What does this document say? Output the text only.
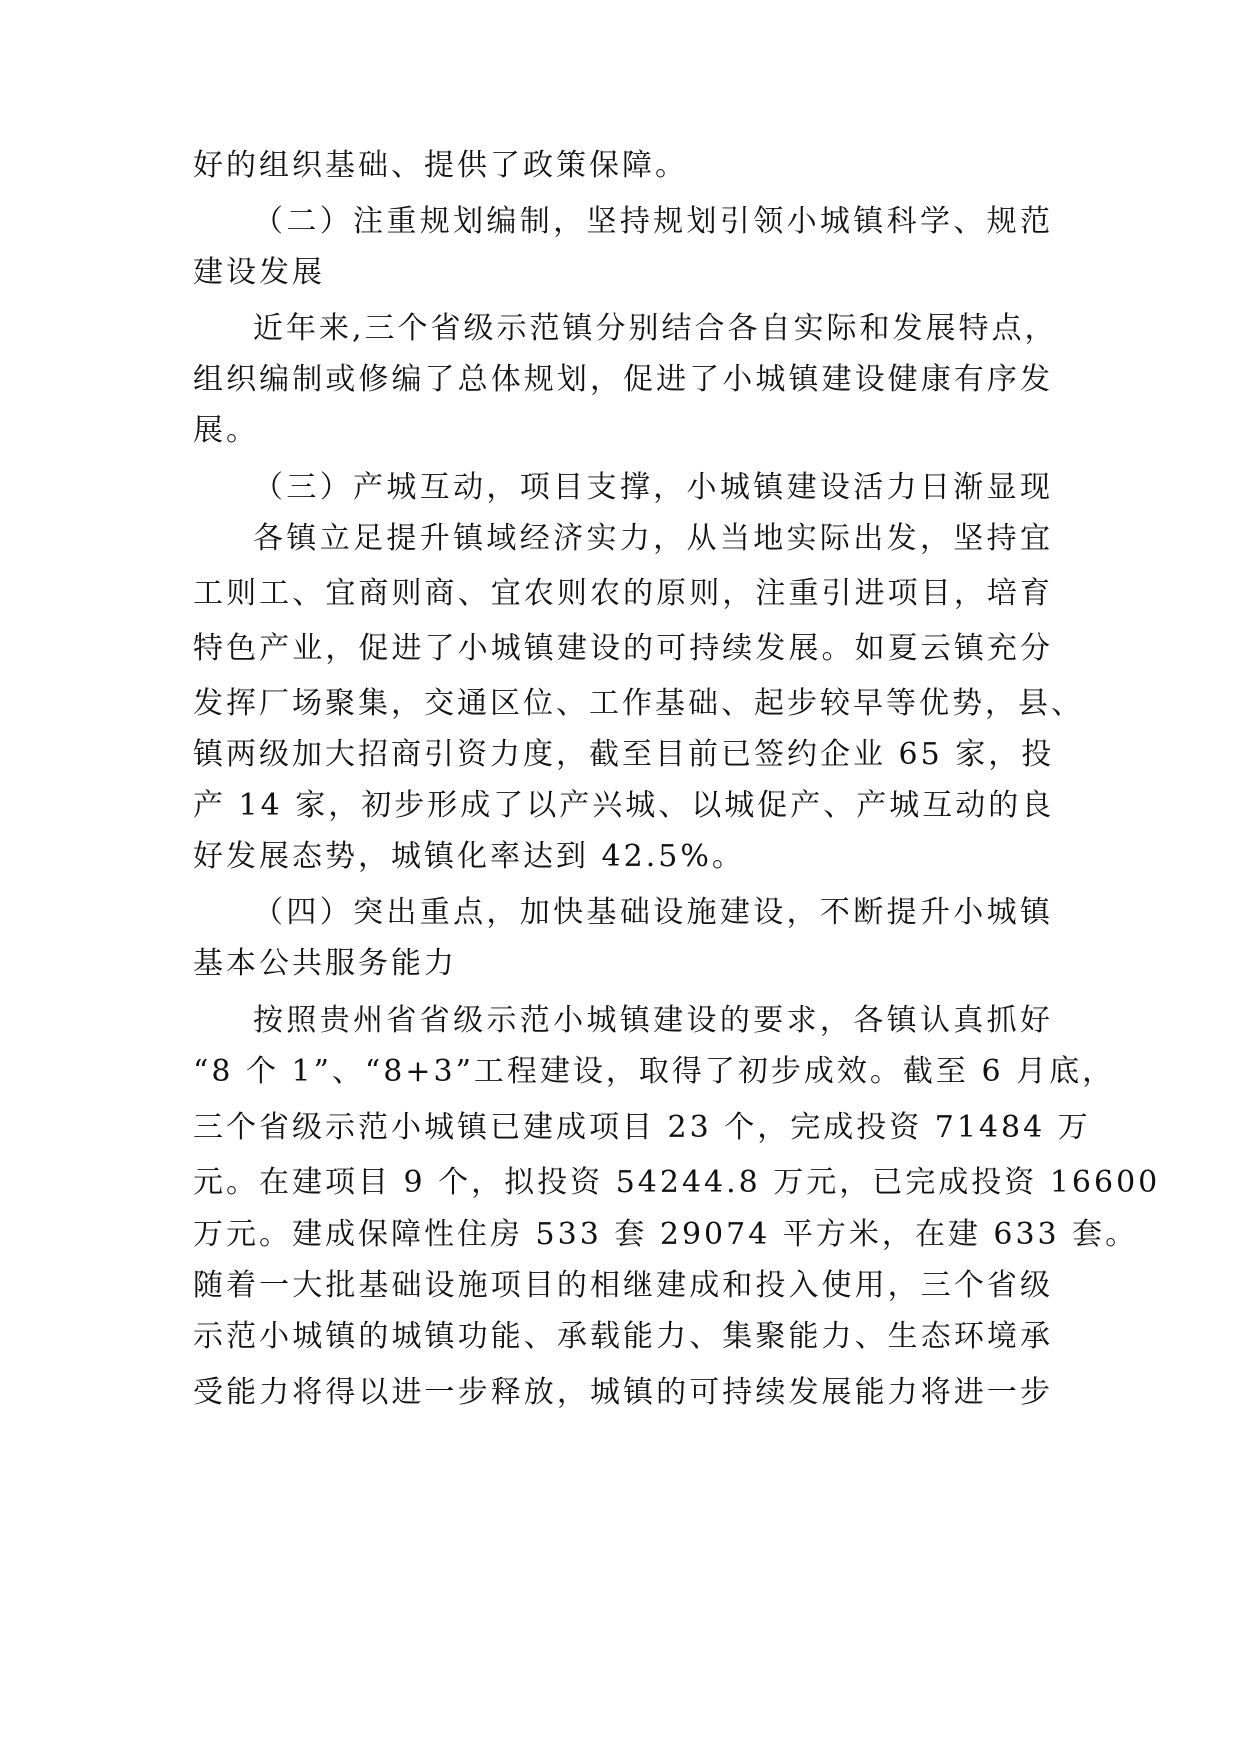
好的组织基础、提供了政策保障。
（二）注重规划编制，坚持规划引领小城镇科学、规范
建设发展
近年来,三个省级示范镇分别结合各自实际和发展特点，
组织编制或修编了总体规划，促进了小城镇建设健康有序发
展。
（三）产城互动，项目支撑，小城镇建设活力日渐显现
各镇立足提升镇域经济实力，从当地实际出发，坚持宜
工则工、宜商则商、宜农则农的原则，注重引进项目，培育
特色产业，促进了小城镇建设的可持续发展。如夏云镇充分
发挥厂场聚集，交通区位、工作基础、起步较早等优势，县、
镇两级加大招商引资力度，截至目前已签约企业 65 家，投
产 14 家，初步形成了以产兴城、以城促产、产城互动的良
好发展态势，城镇化率达到 42.5%。
（四）突出重点，加快基础设施建设，不断提升小城镇
基本公共服务能力
按照贵州省省级示范小城镇建设的要求，各镇认真抓好
“8 个 1”、“8+3”工程建设，取得了初步成效。截至 6 月底，
三个省级示范小城镇已建成项目 23 个，完成投资 71484 万
元。在建项目 9 个，拟投资 54244.8 万元，已完成投资 16600
万元。建成保障性住房 533 套 29074 平方米，在建 633 套。
随着一大批基础设施项目的相继建成和投入使用，三个省级
示范小城镇的城镇功能、承载能力、集聚能力、生态环境承
受能力将得以进一步释放，城镇的可持续发展能力将进一步
